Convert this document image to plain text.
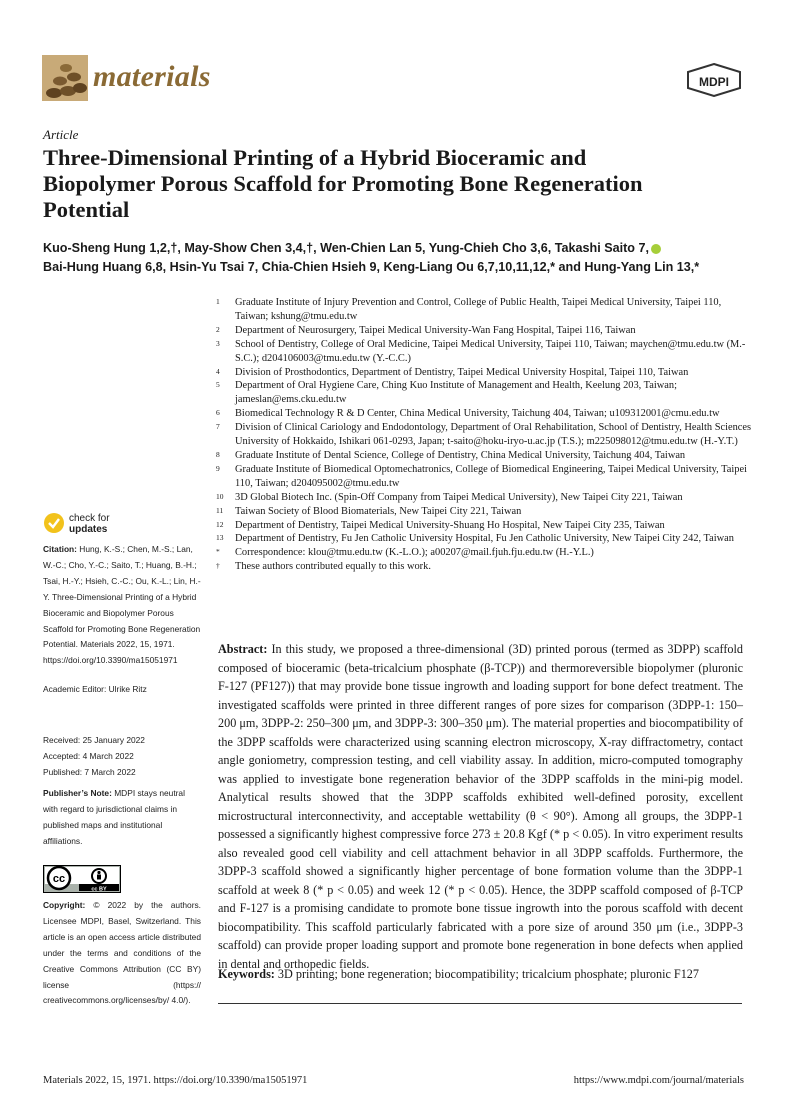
materials	MDPI
Article
Three-Dimensional Printing of a Hybrid Bioceramic and Biopolymer Porous Scaffold for Promoting Bone Regeneration Potential
Kuo-Sheng Hung 1,2,†, May-Show Chen 3,4,†, Wen-Chien Lan 5, Yung-Chieh Cho 3,6, Takashi Saito 7,
Bai-Hung Huang 6,8, Hsin-Yu Tsai 7, Chia-Chien Hsieh 9, Keng-Liang Ou 6,7,10,11,12,* and Hung-Yang Lin 13,*
1 Graduate Institute of Injury Prevention and Control, College of Public Health, Taipei Medical University, Taipei 110, Taiwan; kshung@tmu.edu.tw
2 Department of Neurosurgery, Taipei Medical University-Wan Fang Hospital, Taipei 116, Taiwan
3 School of Dentistry, College of Oral Medicine, Taipei Medical University, Taipei 110, Taiwan; maychen@tmu.edu.tw (M.-S.C.); d204106003@tmu.edu.tw (Y.-C.C.)
4 Division of Prosthodontics, Department of Dentistry, Taipei Medical University Hospital, Taipei 110, Taiwan
5 Department of Oral Hygiene Care, Ching Kuo Institute of Management and Health, Keelung 203, Taiwan; jameslan@ems.cku.edu.tw
6 Biomedical Technology R & D Center, China Medical University, Taichung 404, Taiwan; u109312001@cmu.edu.tw
7 Division of Clinical Cariology and Endodontology, Department of Oral Rehabilitation, School of Dentistry, Health Sciences University of Hokkaido, Ishikari 061-0293, Japan; t-saito@hoku-iryo-u.ac.jp (T.S.); m225098012@tmu.edu.tw (H.-Y.T.)
8 Graduate Institute of Dental Science, College of Dentistry, China Medical University, Taichung 404, Taiwan
9 Graduate Institute of Biomedical Optomechatronics, College of Biomedical Engineering, Taipei Medical University, Taipei 110, Taiwan; d204095002@tmu.edu.tw
10 3D Global Biotech Inc. (Spin-Off Company from Taipei Medical University), New Taipei City 221, Taiwan
11 Taiwan Society of Blood Biomaterials, New Taipei City 221, Taiwan
12 Department of Dentistry, Taipei Medical University-Shuang Ho Hospital, New Taipei City 235, Taiwan
13 Department of Dentistry, Fu Jen Catholic University Hospital, Fu Jen Catholic University, New Taipei City 242, Taiwan
* Correspondence: klou@tmu.edu.tw (K.-L.O.); a00207@mail.fjuh.fju.edu.tw (H.-Y.L.)
† These authors contributed equally to this work.
check for
updates
Citation: Hung, K.-S.; Chen, M.-S.; Lan, W.-C.; Cho, Y.-C.; Saito, T.; Huang, B.-H.; Tsai, H.-Y.; Hsieh, C.-C.; Ou, K.-L.; Lin, H.-Y. Three-Dimensional Printing of a Hybrid Bioceramic and Biopolymer Porous Scaffold for Promoting Bone Regeneration Potential. Materials 2022, 15, 1971. https://doi.org/10.3390/ma15051971
Academic Editor: Ulrike Ritz
Received: 25 January 2022
Accepted: 4 March 2022
Published: 7 March 2022
Publisher’s Note: MDPI stays neutral with regard to jurisdictional claims in published maps and institutional affiliations.
cc
cc BY
Copyright: © 2022 by the authors. Licensee MDPI, Basel, Switzerland. This article is an open access article distributed under the terms and conditions of the Creative Commons Attribution (CC BY) license (https:// creativecommons.org/licenses/by/ 4.0/).
Abstract: In this study, we proposed a three-dimensional (3D) printed porous (termed as 3DPP) scaffold composed of bioceramic (beta-tricalcium phosphate (β-TCP)) and thermoreversible biopolymer (pluronic F-127 (PF127)) that may provide bone tissue ingrowth and loading support for bone defect treatment. The investigated scaffolds were printed in three different ranges of pore sizes for comparison (3DPP-1: 150–200 μm, 3DPP-2: 250–300 μm, and 3DPP-3: 300–350 μm). The material properties and biocompatibility of the 3DPP scaffolds were characterized using scanning electron microscopy, X-ray diffractometry, contact angle goniometry, compression testing, and cell viability assay. In addition, micro-computed tomography was applied to investigate bone regeneration behavior of the 3DPP scaffolds in the mini-pig model. Analytical results showed that the 3DPP scaffolds exhibited well-defined porosity, excellent microstructural interconnectivity, and acceptable wettability (θ < 90°). Among all groups, the 3DPP-1 possessed a significantly highest compressive force 273 ± 20.8 Kgf (* p < 0.05). In vitro experiment results also revealed good cell viability and cell attachment behavior in all 3DPP scaffolds. Furthermore, the 3DPP-3 scaffold showed a significantly higher percentage of bone formation volume than the 3DPP-1 scaffold at week 8 (* p < 0.05) and week 12 (* p < 0.05). Hence, the 3DPP scaffold composed of β-TCP and F-127 is a promising candidate to promote bone tissue ingrowth into the porous scaffold with decent biocompatibility. This scaffold particularly fabricated with a pore size of around 350 μm (i.e., 3DPP-3 scaffold) can provide proper loading support and promote bone regeneration in bone defects when applied in dental and orthopedic fields.
Keywords: 3D printing; bone regeneration; biocompatibility; tricalcium phosphate; pluronic F127
Materials 2022, 15, 1971. https://doi.org/10.3390/ma15051971	https://www.mdpi.com/journal/materials
